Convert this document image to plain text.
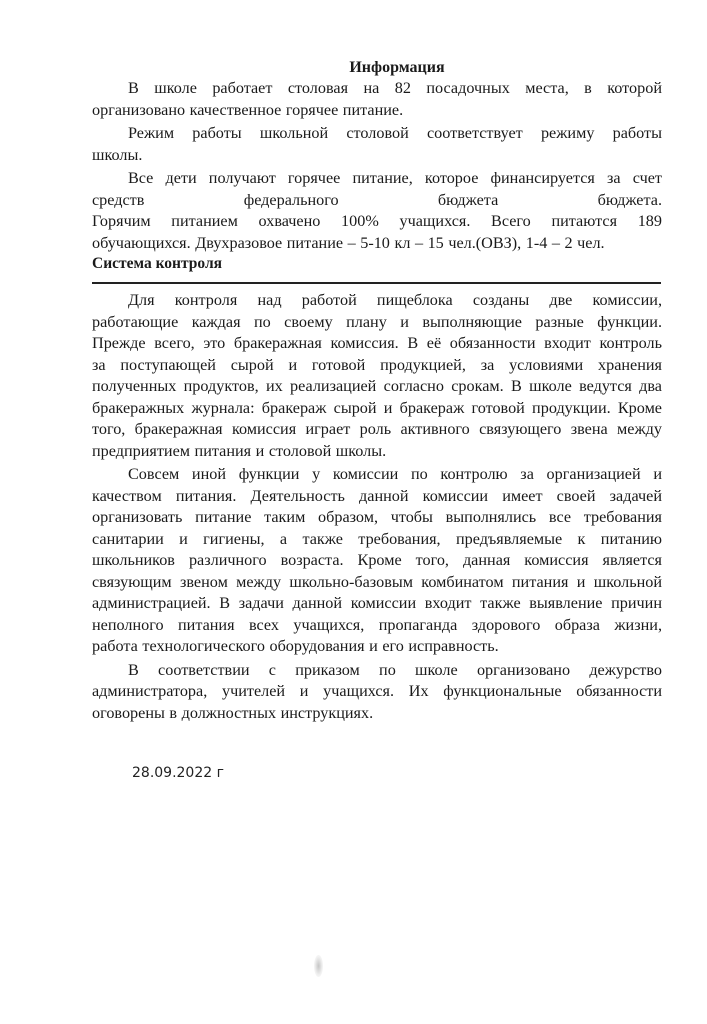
Информация

В школе работает столовая на 82 посадочных места, в которой
организовано качественное горячее питание.

Режим работы школьной столовой соответствует режиму работы
школы.

Все дети получают горячее питание, которое финансируется за счет
средств федерального бюджета бюджета.
Горячим питанием охвачено 100% учащихся. Всего питаются 189
обучающихся. Двухразовое питание – 5-10 кл – 15 чел.(ОВЗ), 1-4 – 2 чел.

Система контроля

Для контроля над работой пищеблока созданы две комиссии,
работающие каждая по своему плану и выполняющие разные функции.
Прежде всего, это бракеражная комиссия. В её обязанности входит контроль
за поступающей сырой и готовой продукцией, за условиями хранения
полученных продуктов, их реализацией согласно срокам. В школе ведутся два
бракеражных журнала: бракераж сырой и бракераж готовой продукции. Кроме
того, бракеражная комиссия играет роль активного связующего звена между
предприятием питания и столовой школы.

Совсем иной функции у комиссии по контролю за организацией и
качеством питания. Деятельность данной комиссии имеет своей задачей
организовать питание таким образом, чтобы выполнялись все требования
санитарии и гигиены, а также требования, предъявляемые к питанию
школьников различного возраста. Кроме того, данная комиссия является
связующим звеном между школьно-базовым комбинатом питания и школьной
администрацией. В задачи данной комиссии входит также выявление причин
неполного питания всех учащихся, пропаганда здорового образа жизни,
работа технологического оборудования и его исправность.

В соответствии с приказом по школе организовано дежурство
администратора, учителей и учащихся. Их функциональные обязанности
оговорены в должностных инструкциях.

28.09.2022 г
